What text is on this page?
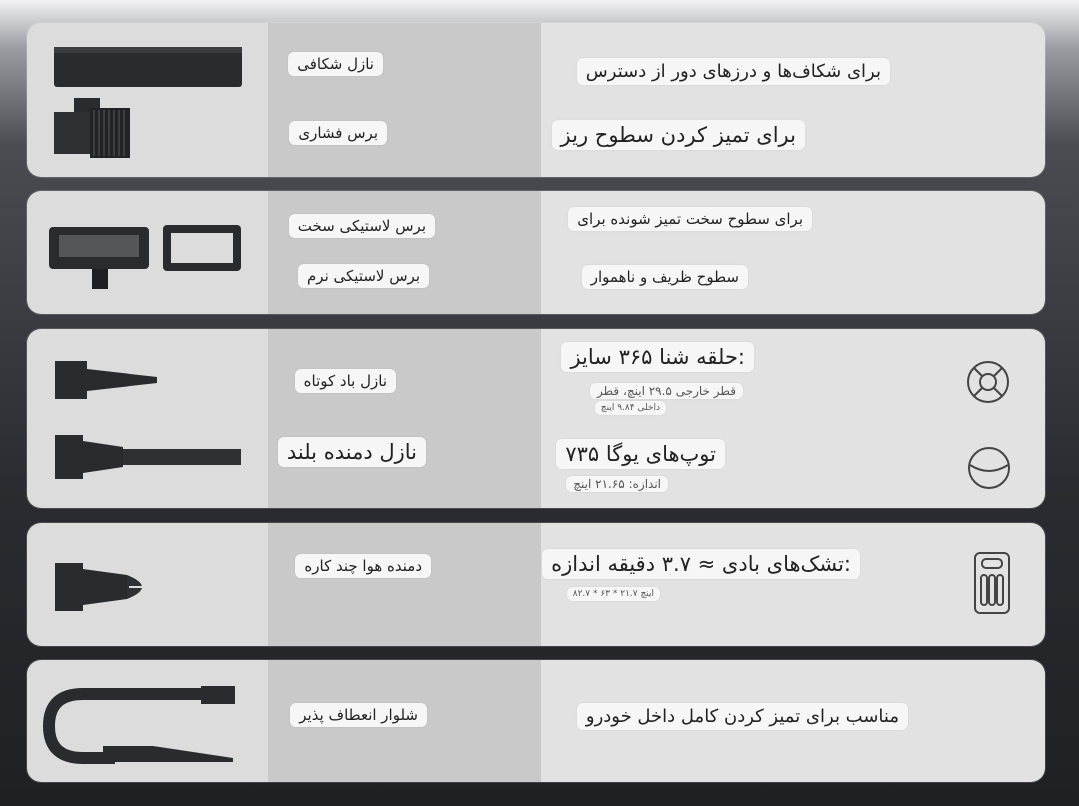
نازل شکافی
برس فشاری
برای شکاف‌ها و درزهای دور از دسترس
برای تمیز کردن سطوح ریز
برس لاستیکی سخت
برس لاستیکی نرم
برای سطوح سخت تمیز شونده برای
سطوح ظریف و ناهموار
نازل باد کوتاه
نازل دمنده بلند
حلقه شنا ۳۶۵ سایز:
قطر خارجی ۲۹.۵ اینچ، قطر
داخلی ۹.۸۴ اینچ
توپ‌های یوگا ۷۳۵
اندازه: ۲۱.۶۵ اینچ
دمنده هوا چند کاره	تشک‌های بادی ≈ ۳.۷ دقیقه اندازه:
۸۲.۷ * ۶۳ * ۲۱.۷ اینچ
شلوار انعطاف پذیر	مناسب برای تمیز کردن کامل داخل خودرو
